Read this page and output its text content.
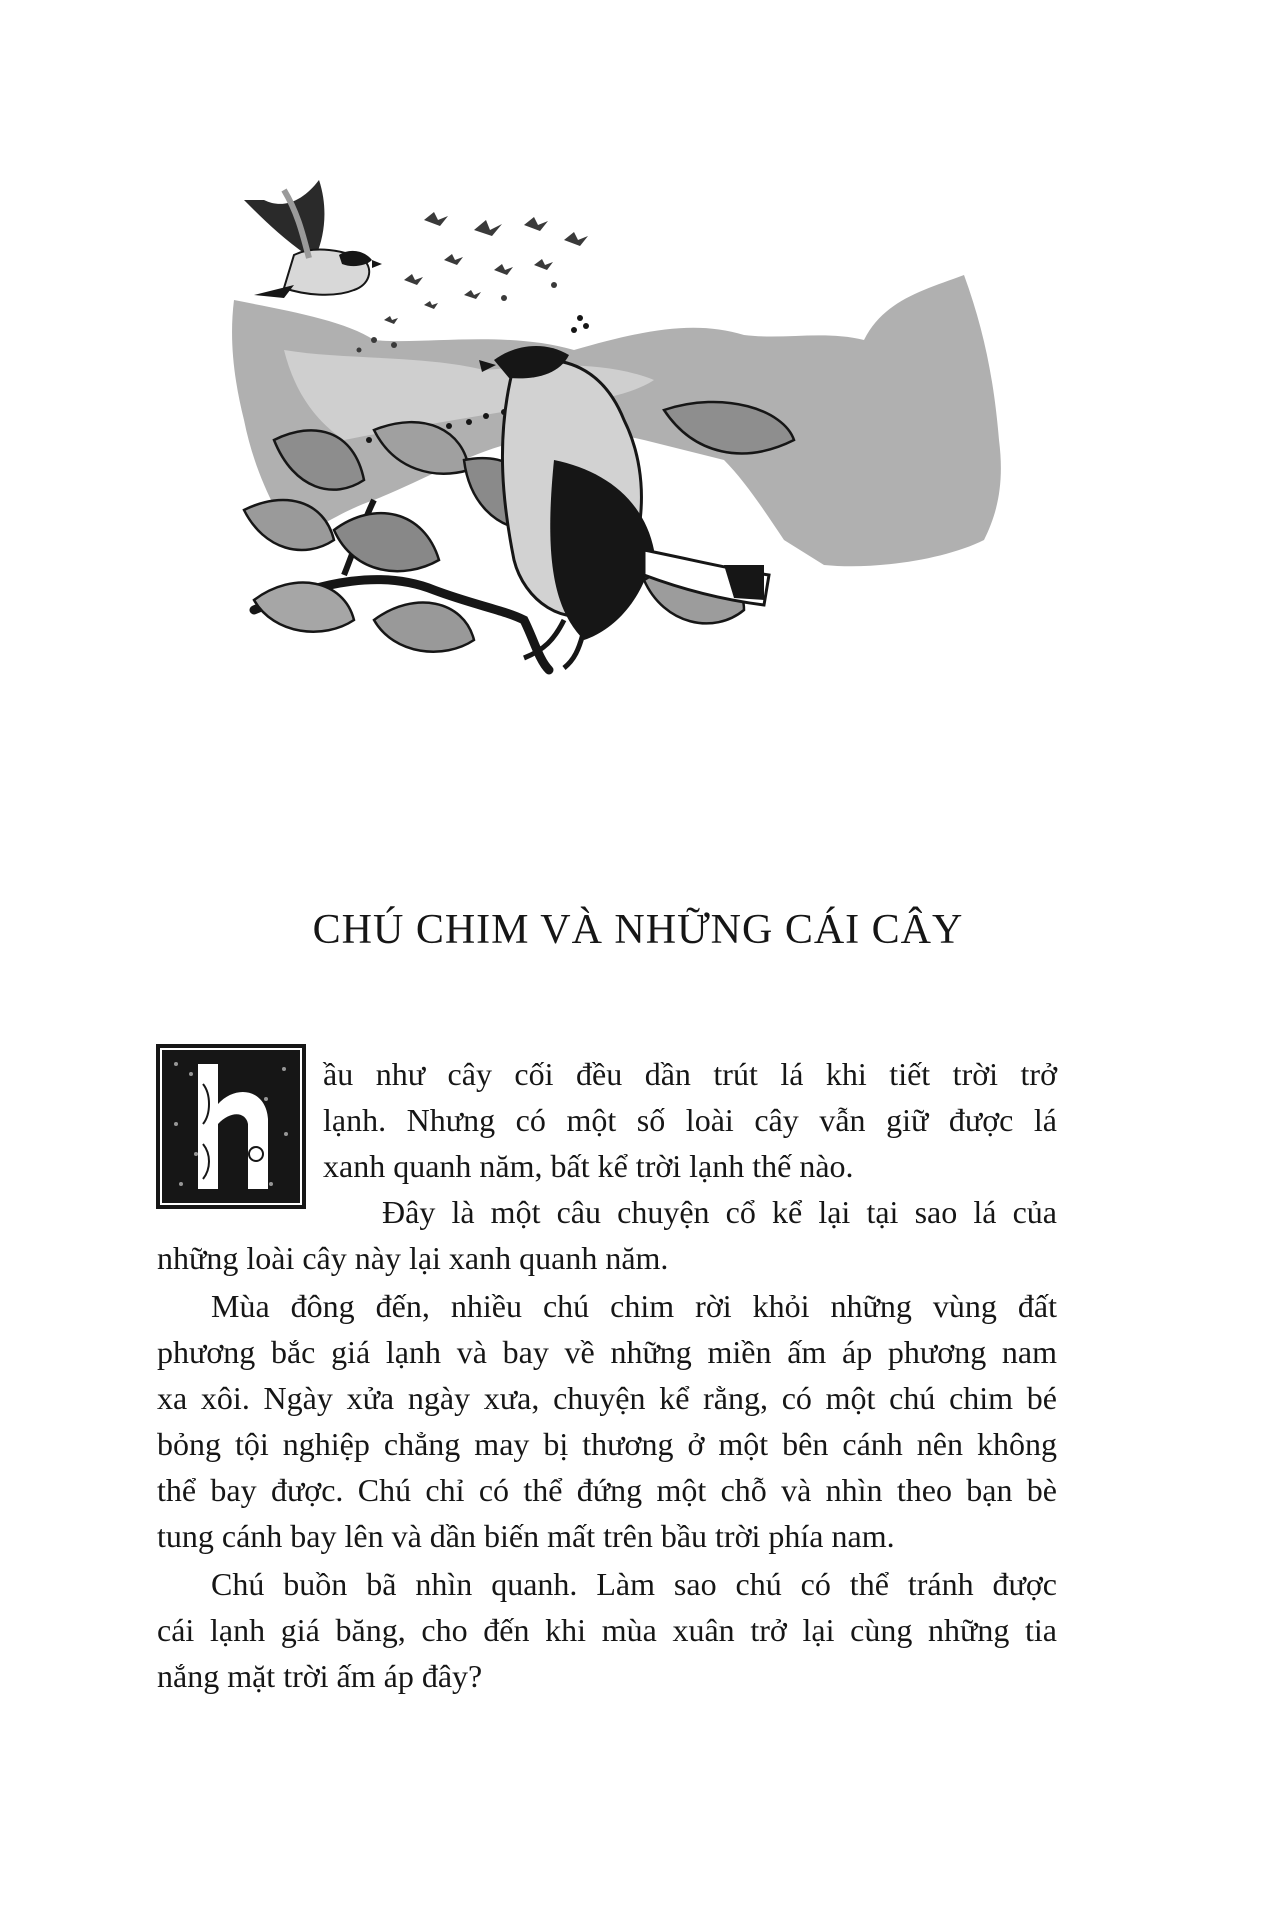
CHÚ CHIM VÀ NHỮNG CÁI CÂY

ầu như cây cối đều dần trút lá khi tiết trời trở

lạnh. Nhưng có một số loài cây vẫn giữ được lá

xanh quanh năm, bất kể trời lạnh thế nào.

Đây là một câu chuyện cổ kể lại tại sao lá của

những loài cây này lại xanh quanh năm.

Mùa đông đến, nhiều chú chim rời khỏi những vùng đất

phương bắc giá lạnh và bay về những miền ấm áp phương nam

xa xôi. Ngày xửa ngày xưa, chuyện kể rằng, có một chú chim bé

bỏng tội nghiệp chẳng may bị thương ở một bên cánh nên không

thể bay được. Chú chỉ có thể đứng một chỗ và nhìn theo bạn bè

tung cánh bay lên và dần biến mất trên bầu trời phía nam.

Chú buồn bã nhìn quanh. Làm sao chú có thể tránh được

cái lạnh giá băng, cho đến khi mùa xuân trở lại cùng những tia

nắng mặt trời ấm áp đây?
